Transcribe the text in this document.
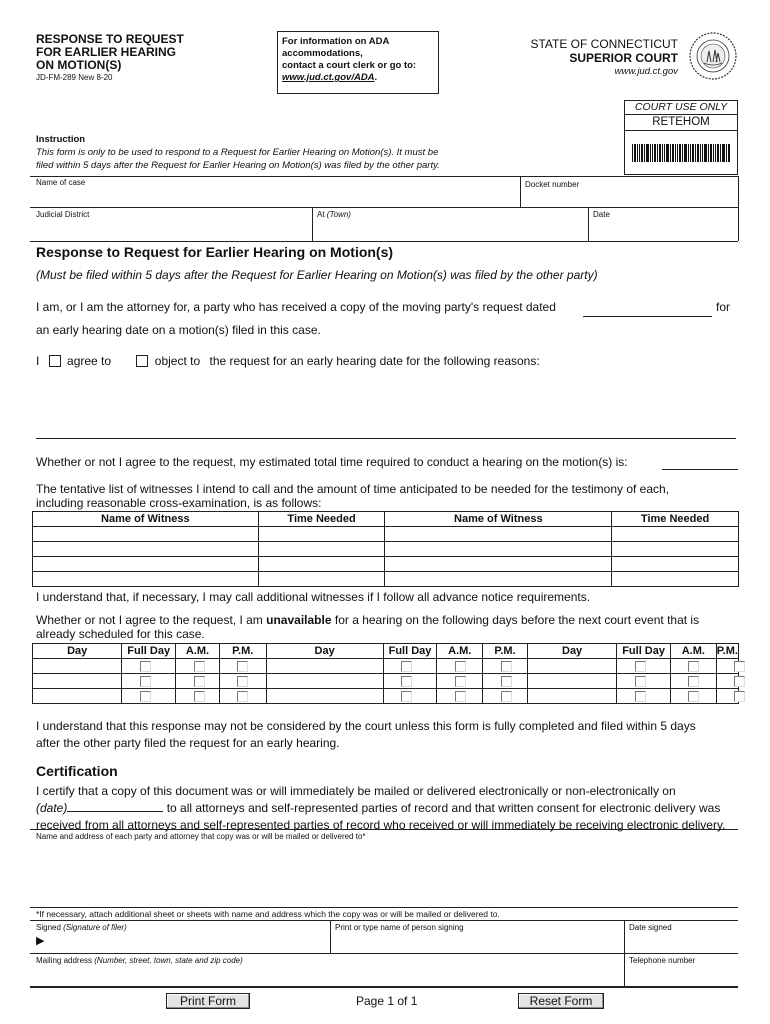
RESPONSE TO REQUEST
FOR EARLIER HEARING
ON MOTION(S)
JD-FM-289 New 8-20
For information on ADA
accommodations,
contact a court clerk or go to:
www.jud.ct.gov/ADA.
STATE OF CONNECTICUT
SUPERIOR COURT
www.jud.ct.gov
COURT USE ONLY
RETEHOM
Instruction
This form is only to be used to respond to a Request for Earlier Hearing on Motion(s). It must be
filed within 5 days after the Request for Earlier Hearing on Motion(s) was filed by the other party.
Name of case	Docket number
Judicial District	At (Town)	Date
Response to Request for Earlier Hearing on Motion(s)
(Must be filed within 5 days after the Request for Earlier Hearing on Motion(s) was filed by the other party)
I am, or I am the attorney for, a party who has received a copy of the moving party's request dated	for
an early hearing date on a motion(s) filed in this case.
I agree to	object to the request for an early hearing date for the following reasons:
Whether or not I agree to the request, my estimated total time required to conduct a hearing on the motion(s) is:
The tentative list of witnesses I intend to call and the amount of time anticipated to be needed for the testimony of each,
including reasonable cross-examination, is as follows:
Name of Witness	Time Needed	Name of Witness	Time Needed

I understand that, if necessary, I may call additional witnesses if I follow all advance notice requirements.
Whether or not I agree to the request, I am unavailable for a hearing on the following days before the next court event that is
already scheduled for this case.
Day	Full Day	A.M.	P.M.	Day	Full Day	A.M.	P.M.	Day	Full Day	A.M.	P.M.

I understand that this response may not be considered by the court unless this form is fully completed and filed within 5 days
after the other party filed the request for an early hearing.
Certification
I certify that a copy of this document was or will immediately be mailed or delivered electronically or non-electronically on
(date)	to all attorneys and self-represented parties of record and that written consent for electronic delivery was
received from all attorneys and self-represented parties of record who received or will immediately be receiving electronic delivery.
Name and address of each party and attorney that copy was or will be mailed or delivered to*
*If necessary, attach additional sheet or sheets with name and address which the copy was or will be mailed or delivered to.
Signed (Signature of filer)
▶
Print or type name of person signing	Date signed
Mailing address (Number, street, town, state and zip code)	Telephone number
Print Form	Page 1 of 1	Reset Form
